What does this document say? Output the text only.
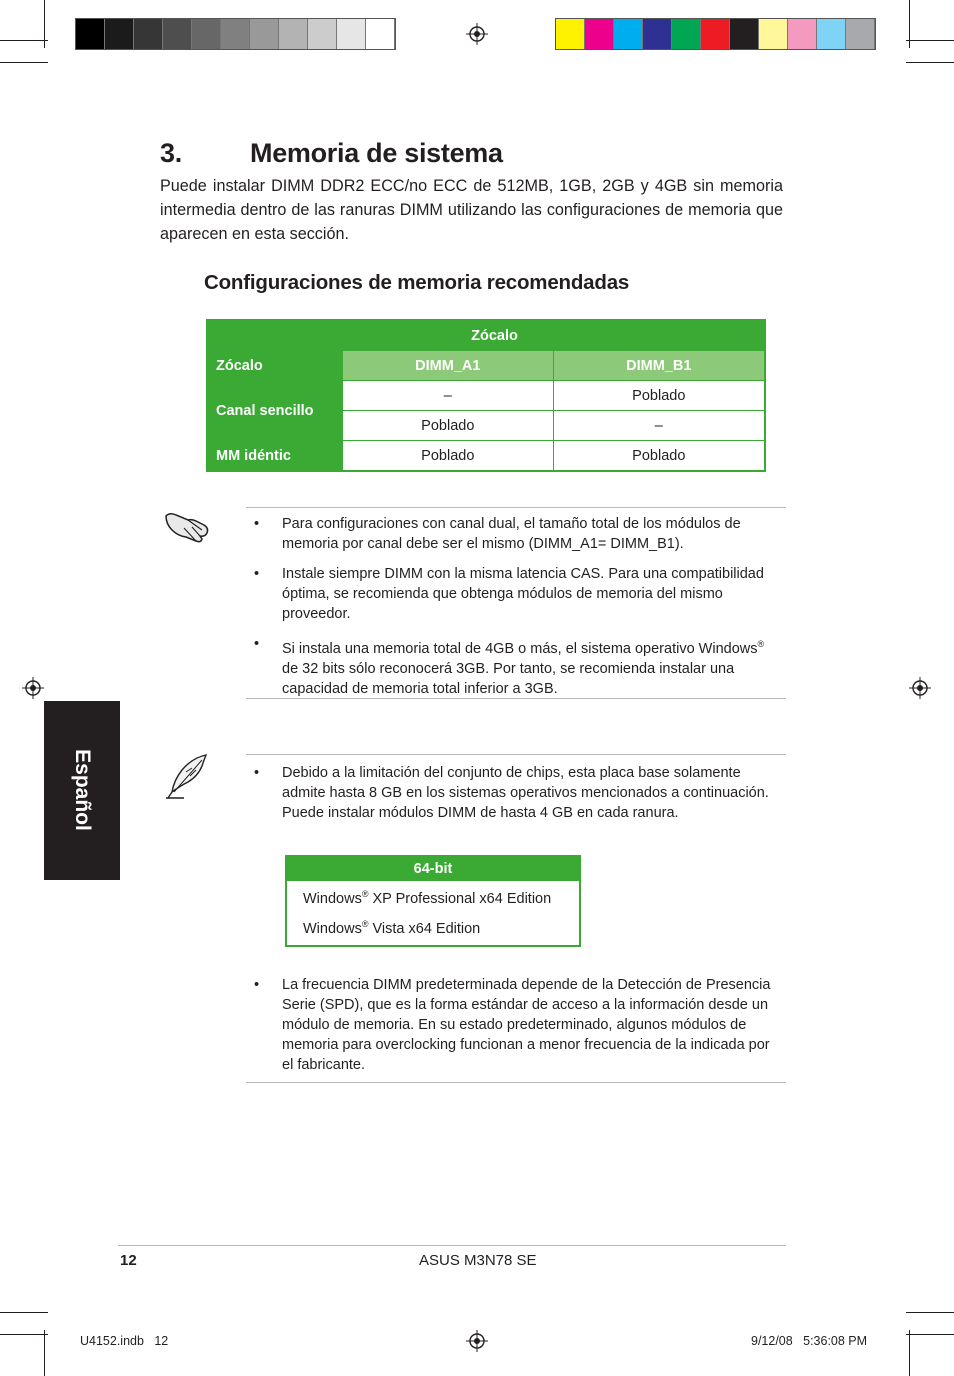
3.	Memoria de sistema

Puede instalar DIMM DDR2 ECC/no ECC de 512MB, 1GB, 2GB y 4GB sin memoria intermedia dentro de las ranuras DIMM utilizando las configuraciones de memoria que aparecen en esta sección.

Configuraciones de memoria recomendadas
	Zócalo	
Zócalo	DIMM_A1	DIMM_B1
Canal sencillo	–	Poblado
	Poblado	–
MM idéntic	Poblado	Poblado
• Para configuraciones con canal dual, el tamaño total de los módulos de memoria por canal debe ser el mismo (DIMM_A1= DIMM_B1).
• Instale siempre DIMM con la misma latencia CAS. Para una compatibilidad óptima, se recomienda que obtenga módulos de memoria del mismo proveedor.
• Si instala una memoria total de 4GB o más, el sistema operativo Windows® de 32 bits sólo reconocerá 3GB. Por tanto, se recomienda instalar una capacidad de memoria total inferior a 3GB.
• Debido a la limitación del conjunto de chips, esta placa base solamente admite hasta 8 GB en los sistemas operativos mencionados a continuación. Puede instalar módulos DIMM de hasta 4 GB en cada ranura.
64-bit
Windows® XP Professional x64 Edition
Windows® Vista x64 Edition
• La frecuencia DIMM predeterminada depende de la Detección de Presencia Serie (SPD), que es la forma estándar de acceso a la información desde un módulo de memoria. En su estado predeterminado, algunos módulos de memoria para overclocking funcionan a menor frecuencia de la indicada por el fabricante.
Español
12	ASUS M3N78 SE
U4152.indb   12	9/12/08   5:36:08 PM
